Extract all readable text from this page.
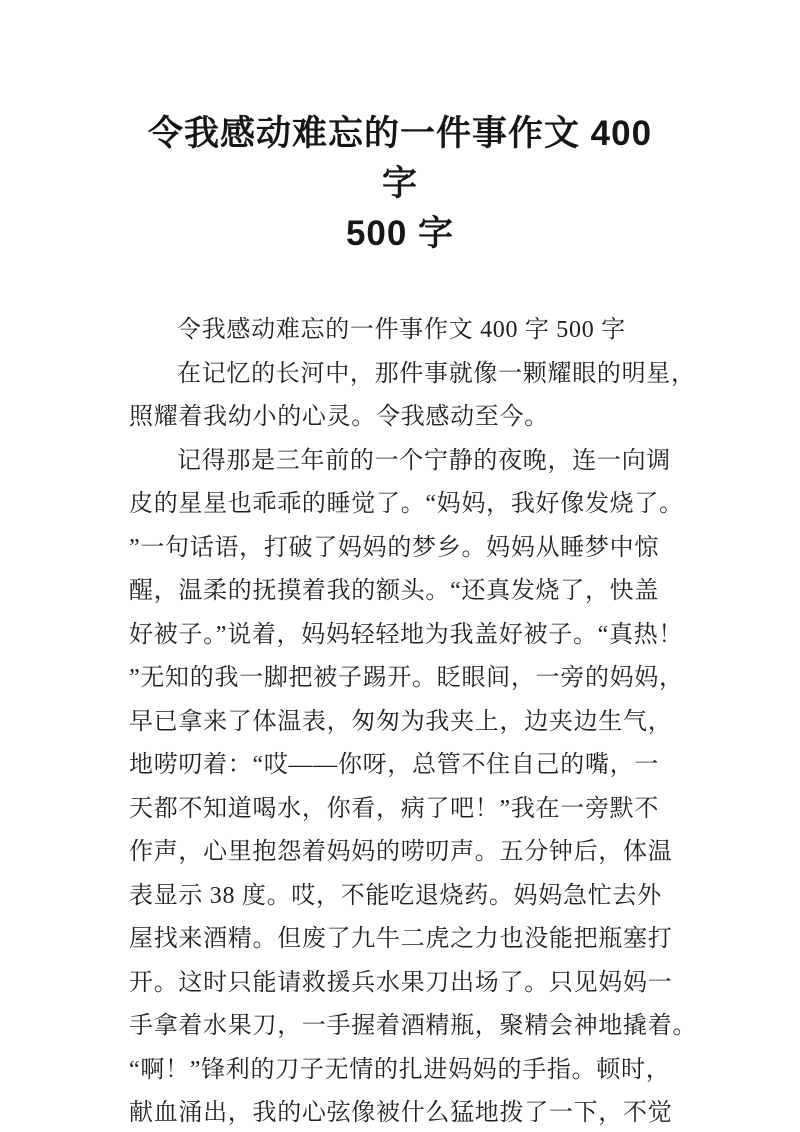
令我感动难忘的一件事作文 400 字
500 字
令我感动难忘的一件事作文 400 字 500 字
在记忆的长河中，那件事就像一颗耀眼的明星，
照耀着我幼小的心灵。令我感动至今。
记得那是三年前的一个宁静的夜晚，连一向调
皮的星星也乖乖的睡觉了。“妈妈，我好像发烧了。
”一句话语，打破了妈妈的梦乡。妈妈从睡梦中惊
醒，温柔的抚摸着我的额头。“还真发烧了，快盖
好被子。”说着，妈妈轻轻地为我盖好被子。“真热！
”无知的我一脚把被子踢开。眨眼间，一旁的妈妈，
早已拿来了体温表，匆匆为我夹上，边夹边生气，
地唠叨着：“哎——你呀，总管不住自己的嘴，一
天都不知道喝水，你看，病了吧！”我在一旁默不
作声，心里抱怨着妈妈的唠叨声。五分钟后，体温
表显示 38 度。哎，不能吃退烧药。妈妈急忙去外
屋找来酒精。但废了九牛二虎之力也没能把瓶塞打
开。这时只能请救援兵水果刀出场了。只见妈妈一
手拿着水果刀，一手握着酒精瓶，聚精会神地撬着。
“啊！”锋利的刀子无情的扎进妈妈的手指。顿时，
献血涌出，我的心弦像被什么猛地拨了一下，不觉
